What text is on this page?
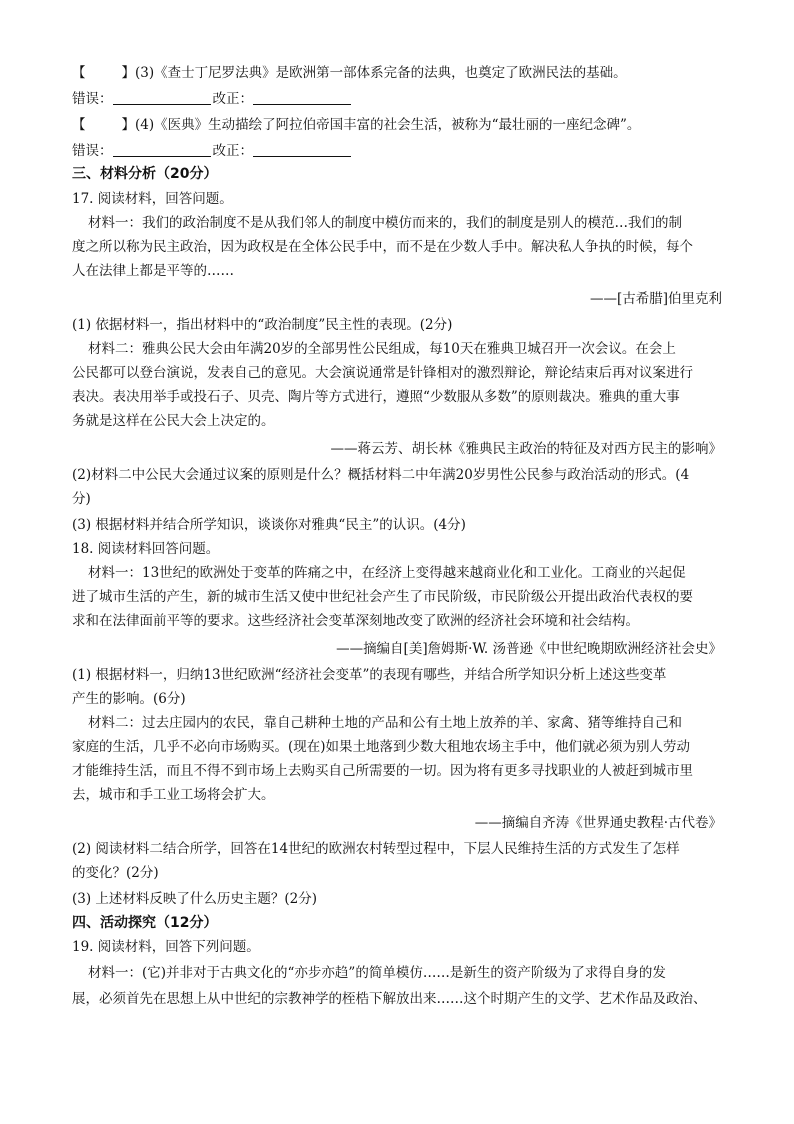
【	】(3)《查士丁尼罗法典》是欧洲第一部体系完备的法典，也奠定了欧洲民法的基础。
错误：	改正：
【	】(4)《医典》生动描绘了阿拉伯帝国丰富的社会生活，被称为“最壮丽的一座纪念碑”。
错误：	改正：
三、材料分析（20分）
17. 阅读材料，回答问题。
材料一：我们的政治制度不是从我们邻人的制度中模仿而来的，我们的制度是别人的模范…我们的制
度之所以称为民主政治，因为政权是在全体公民手中，而不是在少数人手中。解决私人争执的时候，每个
人在法律上都是平等的……
——[古希腊]伯里克利
(1) 依据材料一，指出材料中的“政治制度”民主性的表现。(2分)
材料二：雅典公民大会由年满20岁的全部男性公民组成，每10天在雅典卫城召开一次会议。在会上
公民都可以登台演说，发表自己的意见。大会演说通常是针锋相对的激烈辩论，辩论结束后再对议案进行
表决。表决用举手或投石子、贝壳、陶片等方式进行，遵照“少数服从多数”的原则裁决。雅典的重大事
务就是这样在公民大会上决定的。
——蒋云芳、胡长林《雅典民主政治的特征及对西方民主的影响》
(2)材料二中公民大会通过议案的原则是什么？概括材料二中年满20岁男性公民参与政治活动的形式。(4
分)
(3) 根据材料并结合所学知识，谈谈你对雅典“民主”的认识。(4分)
18. 阅读材料回答问题。
材料一：13世纪的欧洲处于变革的阵痛之中，在经济上变得越来越商业化和工业化。工商业的兴起促
进了城市生活的产生，新的城市生活又使中世纪社会产生了市民阶级，市民阶级公开提出政治代表权的要
求和在法律面前平等的要求。这些经济社会变革深刻地改变了欧洲的经济社会环境和社会结构。
——摘编自[美]詹姆斯·W. 汤普逊《中世纪晚期欧洲经济社会史》
(1) 根据材料一，归纳13世纪欧洲“经济社会变革”的表现有哪些，并结合所学知识分析上述这些变革
产生的影响。(6分)
材料二：过去庄园内的农民，靠自己耕种土地的产品和公有土地上放养的羊、家禽、猪等维持自己和
家庭的生活，几乎不必向市场购买。(现在)如果土地落到少数大租地农场主手中，他们就必须为别人劳动
才能维持生活，而且不得不到市场上去购买自己所需要的一切。因为将有更多寻找职业的人被赶到城市里
去，城市和手工业工场将会扩大。
——摘编自齐涛《世界通史教程·古代卷》
(2) 阅读材料二结合所学，回答在14世纪的欧洲农村转型过程中，下层人民维持生活的方式发生了怎样
的变化？(2分)
(3) 上述材料反映了什么历史主题？(2分)
四、活动探究（12分）
19. 阅读材料，回答下列问题。
材料一：(它)并非对于古典文化的“亦步亦趋”的简单模仿……是新生的资产阶级为了求得自身的发
展，必须首先在思想上从中世纪的宗教神学的桎梏下解放出来……这个时期产生的文学、艺术作品及政治、
